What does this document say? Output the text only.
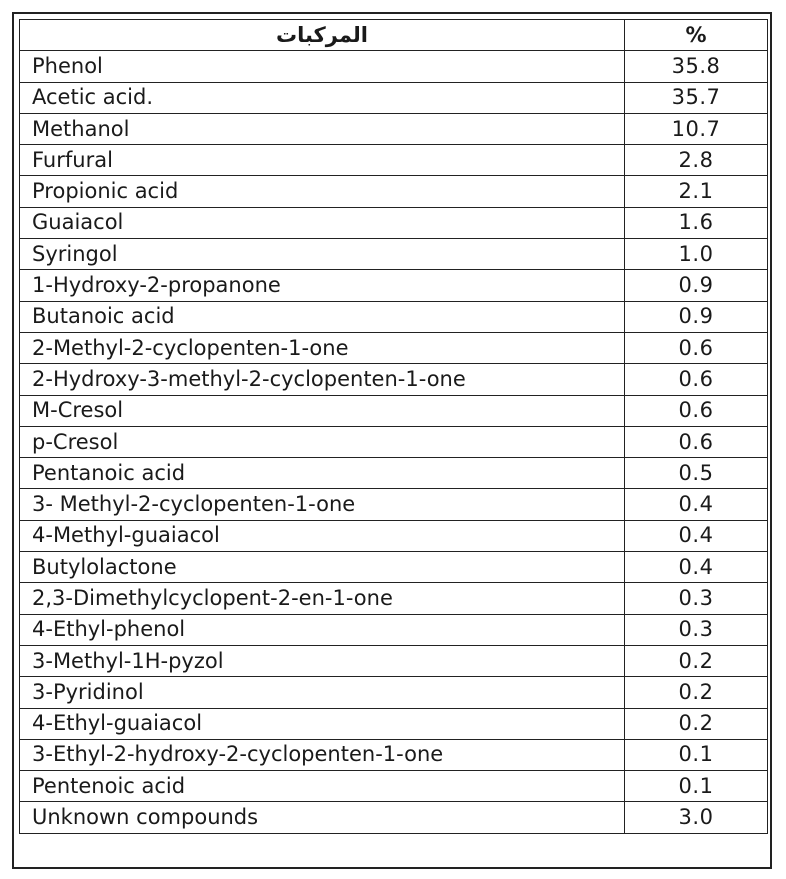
المركبات	%
Phenol	35.8
Acetic acid.	35.7
Methanol	10.7
Furfural	2.8
Propionic acid	2.1
Guaiacol	1.6
Syringol	1.0
1-Hydroxy-2-propanone	0.9
Butanoic acid	0.9
2-Methyl-2-cyclopenten-1-one	0.6
2-Hydroxy-3-methyl-2-cyclopenten-1-one	0.6
M-Cresol	0.6
p-Cresol	0.6
Pentanoic acid	0.5
3- Methyl-2-cyclopenten-1-one	0.4
4-Methyl-guaiacol	0.4
Butylolactone	0.4
2,3-Dimethylcyclopent-2-en-1-one	0.3
4-Ethyl-phenol	0.3
3-Methyl-1H-pyzol	0.2
3-Pyridinol	0.2
4-Ethyl-guaiacol	0.2
3-Ethyl-2-hydroxy-2-cyclopenten-1-one	0.1
Pentenoic acid	0.1
Unknown compounds	3.0
